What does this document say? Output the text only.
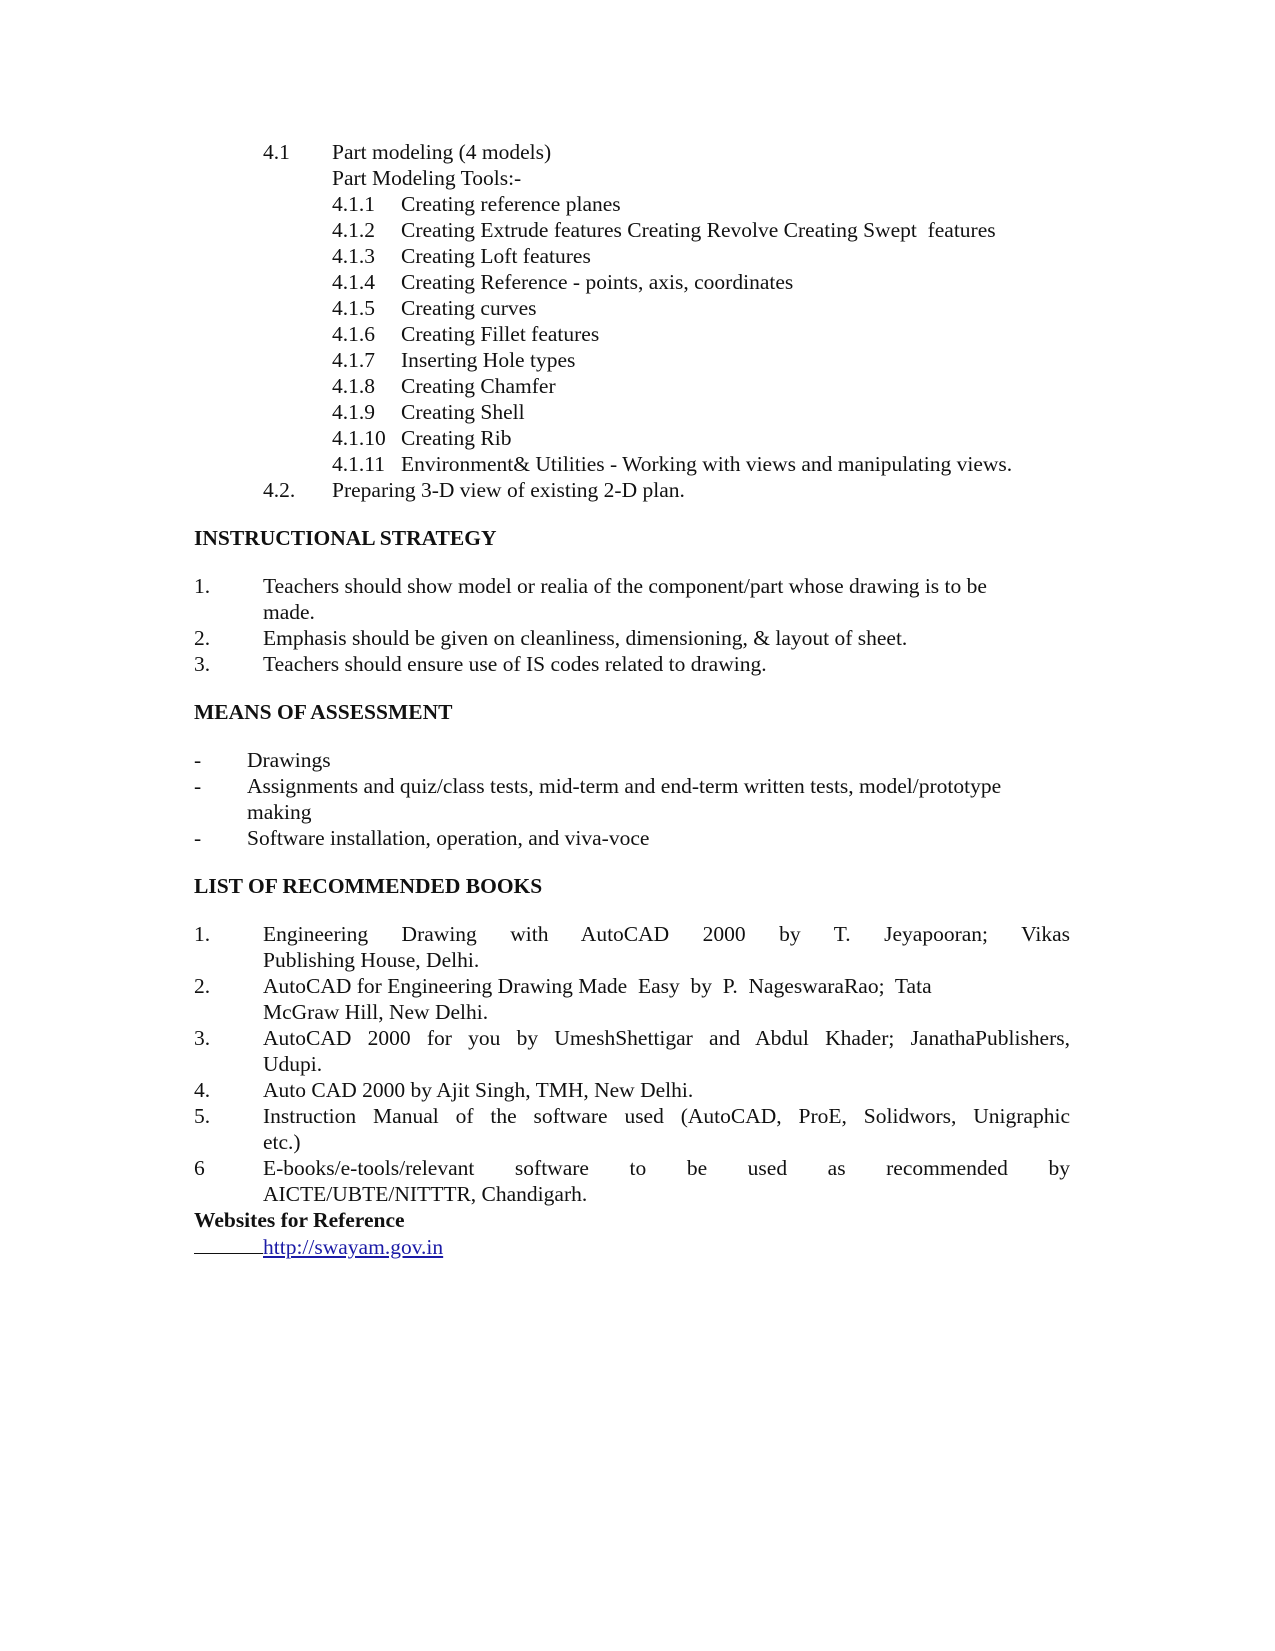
4.1 Part modeling (4 models)
Part Modeling Tools:-
4.1.1 Creating reference planes
4.1.2 Creating Extrude features Creating Revolve Creating Swept  features
4.1.3 Creating Loft features
4.1.4 Creating Reference - points, axis, coordinates
4.1.5 Creating curves
4.1.6 Creating Fillet features
4.1.7 Inserting Hole types
4.1.8 Creating Chamfer
4.1.9 Creating Shell
4.1.10 Creating Rib
4.1.11 Environment& Utilities - Working with views and manipulating views.
4.2. Preparing 3-D view of existing 2-D plan.
INSTRUCTIONAL STRATEGY
1. Teachers should show model or realia of the component/part whose drawing is to be
made.
2. Emphasis should be given on cleanliness, dimensioning, & layout of sheet.
3. Teachers should ensure use of IS codes related to drawing.
MEANS OF ASSESSMENT
- Drawings
- Assignments and quiz/class tests, mid-term and end-term written tests, model/prototype
making
- Software installation, operation, and viva-voce
LIST OF RECOMMENDED BOOKS
1. Engineering Drawing with AutoCAD 2000 by T. Jeyapooran; Vikas
Publishing House, Delhi.
2. AutoCAD for Engineering Drawing Made  Easy  by  P.  NageswaraRao;  Tata
McGraw Hill, New Delhi.
3. AutoCAD 2000 for you by UmeshShettigar and Abdul Khader; JanathaPublishers,
Udupi.
4. Auto CAD 2000 by Ajit Singh, TMH, New Delhi.
5. Instruction Manual of the software used (AutoCAD, ProE, Solidwors, Unigraphic
etc.)
6	E-books/e-tools/relevant software to be used as recommended by
AICTE/UBTE/NITTTR, Chandigarh.
Websites for Reference
http://swayam.gov.in
